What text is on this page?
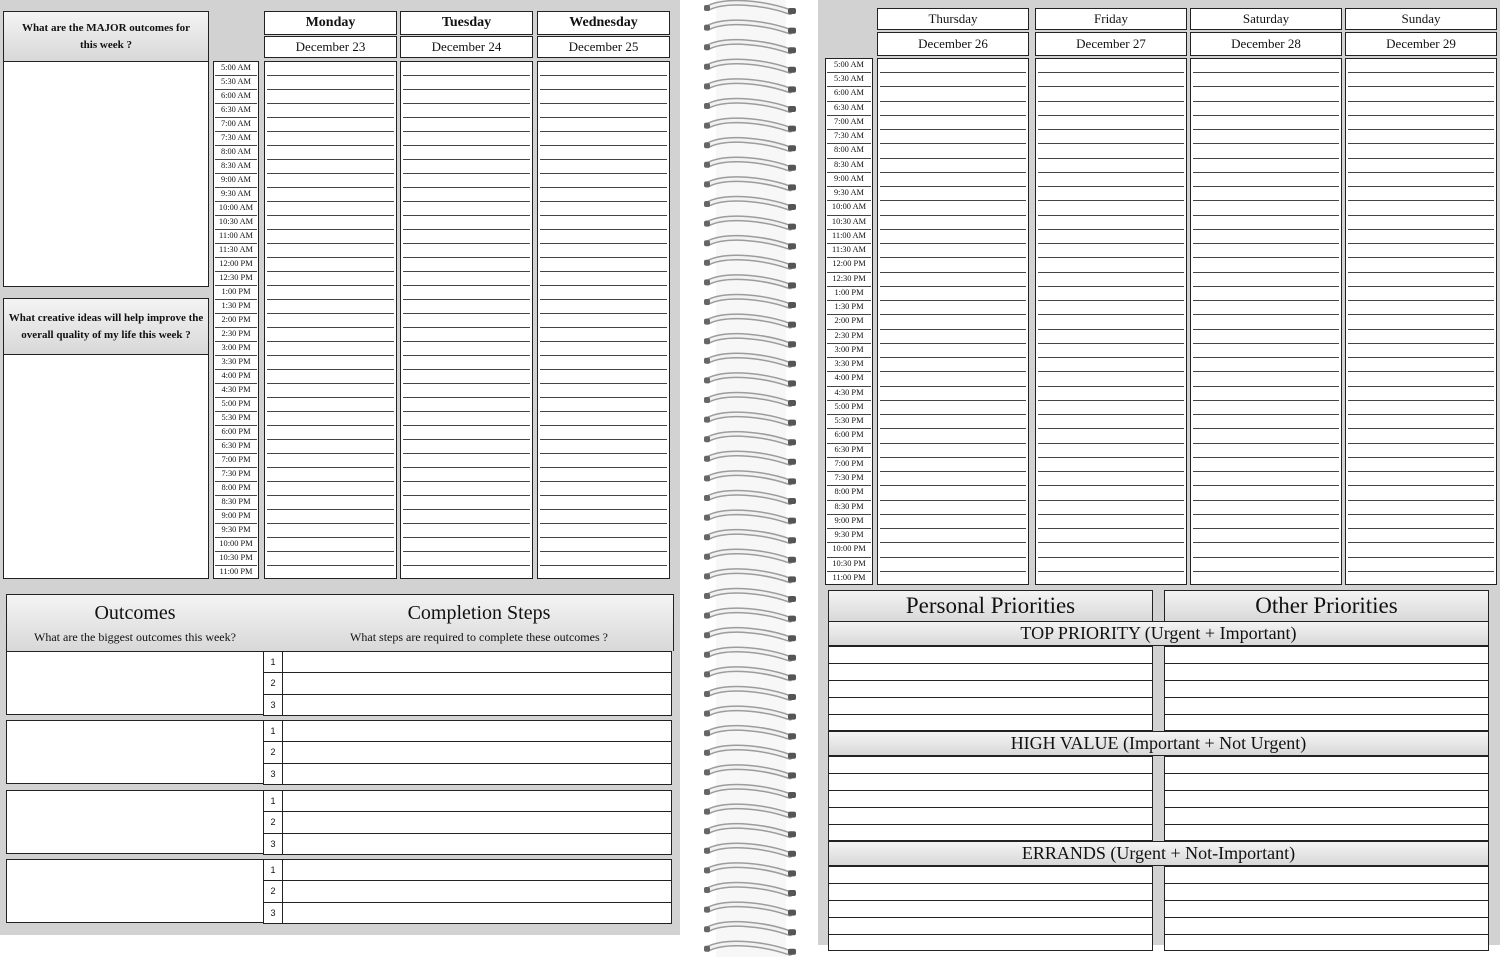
What are the MAJOR outcomes for this week ?
What creative ideas will help improve the overall quality of my life this week ?
5:00 AM
5:30 AM
6:00 AM
6:30 AM
7:00 AM
7:30 AM
8:00 AM
8:30 AM
9:00 AM
9:30 AM
10:00 AM
10:30 AM
11:00 AM
11:30 AM
12:00 PM
12:30 PM
1:00 PM
1:30 PM
2:00 PM
2:30 PM
3:00 PM
3:30 PM
4:00 PM
4:30 PM
5:00 PM
5:30 PM
6:00 PM
6:30 PM
7:00 PM
7:30 PM
8:00 PM
8:30 PM
9:00 PM
9:30 PM
10:00 PM
10:30 PM
11:00 PM
Monday
December 23
Tuesday
December 24
Wednesday
December 25
Outcomes
What are the biggest outcomes this week?
Completion Steps
What steps are required to complete these outcomes ?
1
2
3
1
2
3
1
2
3
1
2
3
5:00 AM
5:30 AM
6:00 AM
6:30 AM
7:00 AM
7:30 AM
8:00 AM
8:30 AM
9:00 AM
9:30 AM
10:00 AM
10:30 AM
11:00 AM
11:30 AM
12:00 PM
12:30 PM
1:00 PM
1:30 PM
2:00 PM
2:30 PM
3:00 PM
3:30 PM
4:00 PM
4:30 PM
5:00 PM
5:30 PM
6:00 PM
6:30 PM
7:00 PM
7:30 PM
8:00 PM
8:30 PM
9:00 PM
9:30 PM
10:00 PM
10:30 PM
11:00 PM
Thursday
December 26
Friday
December 27
Saturday
December 28
Sunday
December 29
Personal Priorities	Other Priorities
TOP PRIORITY (Urgent + Important)
HIGH VALUE (Important + Not Urgent)
ERRANDS (Urgent + Not-Important)
